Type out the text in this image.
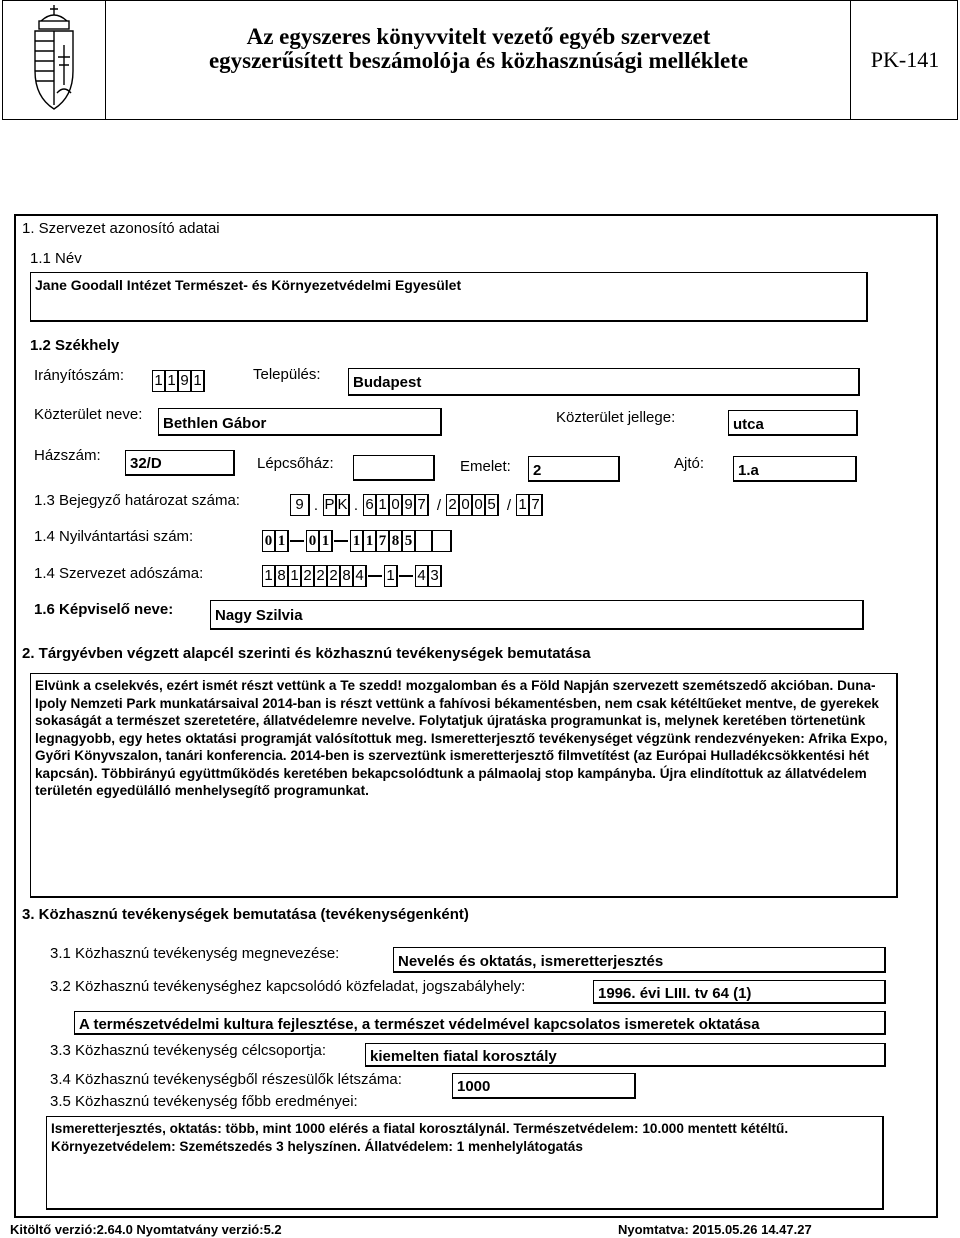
Az egyszeres könyvvitelt vezető egyéb szervezet
egyszerűsített beszámolója és közhasznúsági melléklete	PK-141
1. Szervezet azonosító adatai
1.1 Név
Jane Goodall Intézet Természet- és Környezetvédelmi Egyesület
1.2 Székhely
Irányítószám: 1 1 9 1	Település:	Budapest
Közterület neve:
Bethlen Gábor	Közterület jellege:	utca
Házszám:	32/D	Lépcsőház:	Emelet:	2	Ajtó:	1.a
1.3 Bejegyző határozat száma:	9 . P K . 6 1 0 9 7 / 2 0 0 5 / 1 7
1.4 Nyilvántartási szám:	0 1 0 1 1 1 7 8 5
1.4 Szervezet adószáma:	1 8 1 2 2 2 8 4 1 4 3
1.6 Képviselő neve:	Nagy Szilvia
2. Tárgyévben végzett alapcél szerinti és közhasznú tevékenységek bemutatása
Elvünk a cselekvés, ezért ismét részt vettünk a Te szedd! mozgalomban és a Föld Napján szervezett szemétszedő akcióban. Duna-Ipoly Nemzeti Park munkatársaival 2014-ban is részt vettünk a fahívosi békamentésben, nem csak kétéltűeket mentve, de gyerekek sokaságát a természet szeretetére, állatvédelemre nevelve. Folytatjuk újratáska programunkat is, melynek keretében törtenetünk legnagyobb, egy hetes oktatási programját valósítottuk meg. Ismeretterjesztő tevékenységet végzünk rendezvényeken: Afrika Expo, Győri Könyvszalon, tanári konferencia. 2014-ben is szerveztünk ismeretterjesztő filmvetítést (az Európai Hulladékcsökkentési hét kapcsán). Többirányú együttműködés keretében bekapcsolódtunk a pálmaolaj stop kampányba. Újra elindítottuk az állatvédelem területén egyedülálló menhelysegítő programunkat.
3. Közhasznú tevékenységek bemutatása (tevékenységenként)
3.1 Közhasznú tevékenység megnevezése:	Nevelés és oktatás, ismeretterjesztés
3.2 Közhasznú tevékenységhez kapcsolódó közfeladat, jogszabályhely:	1996. évi LIII. tv 64 (1)
A természetvédelmi kultura fejlesztése, a természet védelmével kapcsolatos ismeretek oktatása
3.3 Közhasznú tevékenység célcsoportja:	kiemelten fiatal korosztály
3.4 Közhasznú tevékenységből részesülők létszáma:	1000
3.5 Közhasznú tevékenység főbb eredményei:
Ismeretterjesztés, oktatás: több, mint 1000 elérés a fiatal korosztálynál. Természetvédelem: 10.000 mentett kétéltű. Környezetvédelem: Szemétszedés 3 helyszínen. Állatvédelem: 1 menhelylátogatás
Kitöltő verzió:2.64.0 Nyomtatvány verzió:5.2	Nyomtatva: 2015.05.26 14.47.27
